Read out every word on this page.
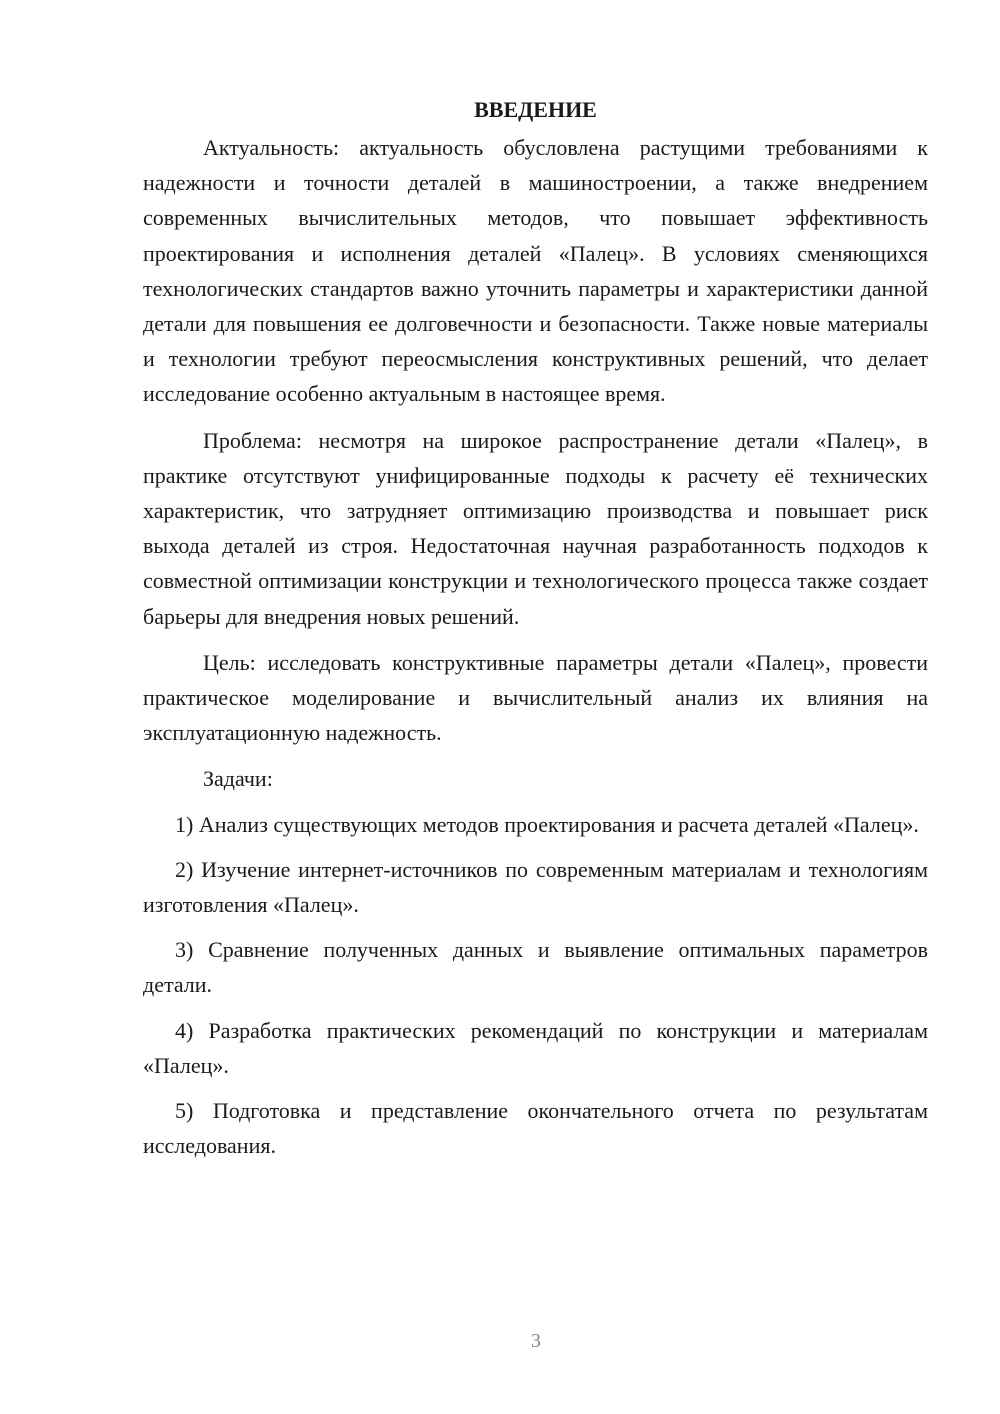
ВВЕДЕНИЕ

Актуальность: актуальность обусловлена растущими требованиями к надежности и точности деталей в машиностроении, а также внедрением современных вычислительных методов, что повышает эффективность проектирования и исполнения деталей «Палец». В условиях сменяющихся технологических стандартов важно уточнить параметры и характеристики данной детали для повышения ее долговечности и безопасности. Также новые материалы и технологии требуют переосмысления конструктивных решений, что делает исследование особенно актуальным в настоящее время.

Проблема: несмотря на широкое распространение детали «Палец», в практике отсутствуют унифицированные подходы к расчету её технических характеристик, что затрудняет оптимизацию производства и повышает риск выхода деталей из строя. Недостаточная научная разработанность подходов к совместной оптимизации конструкции и технологического процесса также создает барьеры для внедрения новых решений.

Цель: исследовать конструктивные параметры детали «Палец», провести практическое моделирование и вычислительный анализ их влияния на эксплуатационную надежность.

Задачи:

1) Анализ существующих методов проектирования и расчета деталей «Палец».

2) Изучение интернет-источников по современным материалам и технологиям изготовления «Палец».

3) Сравнение полученных данных и выявление оптимальных параметров детали.

4) Разработка практических рекомендаций по конструкции и материалам «Палец».

5) Подготовка и представление окончательного отчета по результатам исследования.

3
